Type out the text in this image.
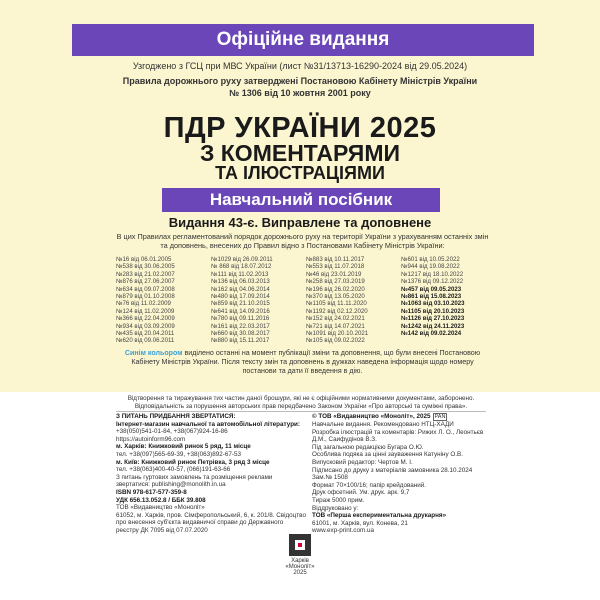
Офіційне видання
Узгоджено з ГСЦ при МВС України (лист №31/13713-16290-2024 від 29.05.2024)
Правила дорожнього руху затверджені Постановою Кабінету Міністрів України
№ 1306 від 10 жовтня 2001 року
ПДР УКРАЇНИ 2025
З КОМЕНТАРЯМИ
ТА ІЛЮСТРАЦІЯМИ
Навчальний посібник
Видання 43-є. Виправлене та доповнене
В цих Правилах регламентований порядок дорожнього руху на території України з урахуванням останніх змін та доповнень, внесених до Правил відно з Постановами Кабінету Міністрів України:
№16 від 06.01.2005
№538 від 30.06.2005
№283 від 21.02.2007
№876 від 27.06.2007
№634 від 09.07.2008
№879 від 01.10.2008
№76 від 11.02.2009
№124 від 11.02.2009
№366 від 22.04.2009
№934 від 03.09.2009
№435 від 20.04.2011
№620 від 09.06.2011
№1029 від 26.09.2011
№ 868 від 18.07.2012
№111 від 11.02.2013
№136 від 06.03.2013
№162 від 04.06.2014
№480 від 17.09.2014
№859 від 21.10.2015
№641 від 14.09.2016
№780 від 09.11.2016
№161 від 22.03.2017
№660 від 30.08.2017
№880 від 15.11.2017
№883 від 10.11.2017
№553 від 11.07.2018
№46 від 23.01.2019
№258 від 27.03.2019
№196 від 26.02.2020
№370 від 13.05.2020
№1105 від 11.11.2020
№1192 від 02.12.2020
№152 від 24.02.2021
№721 від 14.07.2021
№1091 від 20.10.2021
№105 від 09.02.2022
№601 від 10.05.2022
№944 від 19.08.2022
№1217 від 18.10.2022
№1376 від 09.12.2022
№457 від 09.05.2023
№861 від 15.08.2023
№1063 від 03.10.2023
№1105 від 20.10.2023
№1126 від 27.10.2023
№1242 від 24.11.2023
№142 від 09.02.2024
Синім кольором виділено останні на момент публікації зміни та доповнення, що були внесені Постановою Кабінету Міністрів України. Після тексту змін та доповнень в дужках наведена інформація щодо номеру постанови та дати її введення в дію.
Відтворення та тиражування тих частин даної брошури, які не є офіційними нормативними документами, заборонено. Відповідальність за порушення авторських прав передбачено Законом України «Про авторські та суміжні права».

З ПИТАНЬ ПРИДБАННЯ ЗВЕРТАТИСЯ:

Інтернет-магазин навчальної та автомобільної літератури:

+38(050)541-01-84, +38(067)924-16-86

https://autoinform96.com

м. Харків: Книжковий ринок 5 ряд, 11 місце

тел. +38(097)565-69-39, +38(063)892-67-53

м. Київ: Книжковий ринок Петрівка, 3 ряд 3 місце

тел. +38(063)400-40-57, (066)191-63-66

З питань гуртових замовлень та розміщення реклами звертатися: publishing@monolith.in.ua

ISBN 978-617-577-359-8

УДК 656.13.052.8 / ББК 39.808

ТОВ «Видавництво «Моноліт»

61052, м. Харків, пров. Сімферопольський, 6, к. 201/8. Свідоцтво про внесення суб'єкта видавничої справи до Державного реєстру ДК 7095 від 07.07.2020

© ТОВ «Видавництво «Моноліт», 2025 PAN

Навчальне видання. Рекомендовано НТЦ-ХАДИ

Розробка ілюстрацій та коментарів: Рижих Л. О., Леонтьєв Д.М., Саифудінов В.З.

Під загальною редакцією Бугара О.Ю.

Особлива подяка за цінні зауваження Катуніну О.В.

Випусковий редактор: Чертов М. І.

Підписано до друку з матеріалів замовника 28.10.2024

Зам.№ 1508

Формат 70×100/16; папір крейдований.

Друк офсетний. Ум. друк. арк. 9,7

Тираж 5000 прим.

Віддруковано у:

ТОВ «Перша експериментальна друкарня»

61001, м. Харків, вул. Конева, 21

www.exp-print.com.ua

Харків
«Моноліт»
2025
